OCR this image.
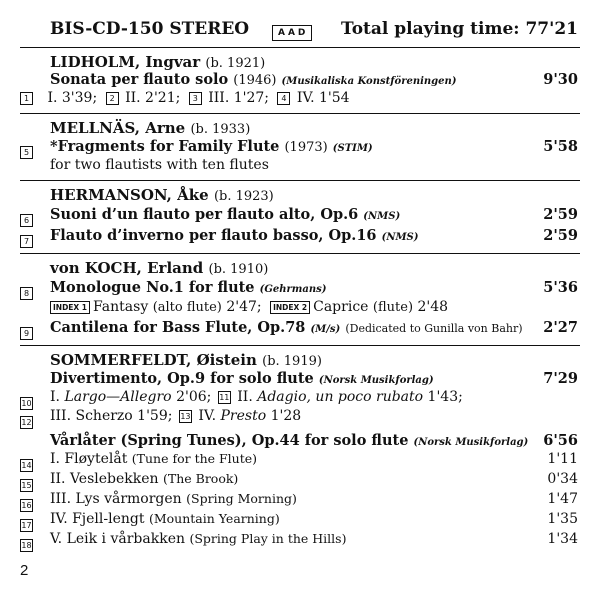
BIS-CD-150 STEREO	AAD Total playing time: 77'21
LIDHOLM, Ingvar (b. 1921)
Sonata per flauto solo (1946) (Musikaliska Konstföreningen)	9'30
1 I. 3'39; 2 II. 2'21; 3 III. 1'27; 4 IV. 1'54
MELLNÄS, Arne (b. 1933)
5	*Fragments for Family Flute (1973) (STIM)	5'58
for two flautists with ten flutes
HERMANSON, Åke (b. 1923)
6	Suoni d’un flauto per flauto alto, Op.6 (NMS)	2'59
7	Flauto d’inverno per flauto basso, Op.16 (NMS)	2'59
von KOCH, Erland (b. 1910)
8	Monologue No.1 for flute (Gehrmans)	5'36
INDEX 1 Fantasy (alto flute) 2'47; INDEX 2 Caprice (flute) 2'48
9	Cantilena for Bass Flute, Op.78 (M/s) (Dedicated to Gunilla von Bahr) 2'27
SOMMERFELDT, Øistein (b. 1919)
Divertimento, Op.9 for solo flute (Norsk Musikforlag)	7'29
10 I. Largo—Allegro 2'06; 11 II. Adagio, un poco rubato 1'43;
12 III. Scherzo 1'59; 13 IV. Presto 1'28
Vårlåter (Spring Tunes), Op.44 for solo flute (Norsk Musikforlag) 6'56
14 I. Fløytelåt (Tune for the Flute)	1'11
15 II. Veslebekken (The Brook)	0'34
16 III. Lys vårmorgen (Spring Morning)	1'47
17 IV. Fjell-lengt (Mountain Yearning)	1'35
18 V. Leik i vårbakken (Spring Play in the Hills)	1'34
2
